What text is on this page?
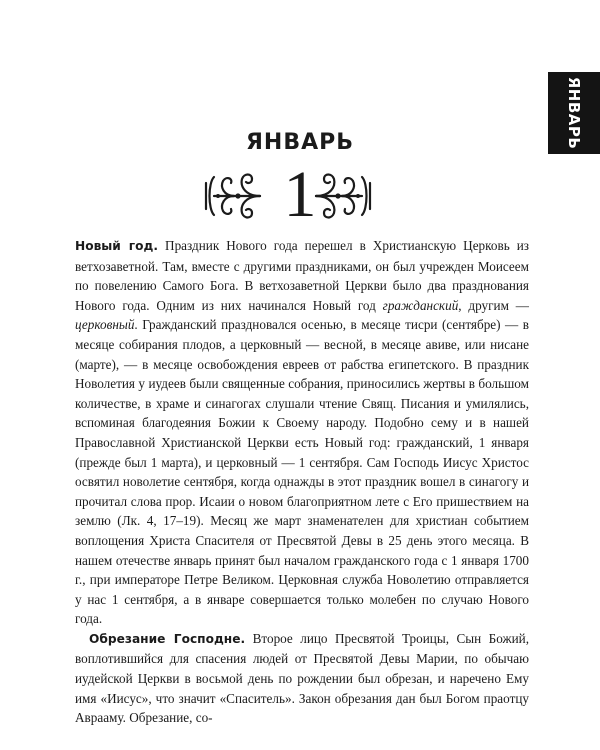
ЯНВАРЬ
ЯНВАРЬ
1

Новый год. Праздник Нового года перешел в Христианскую Церковь из ветхозаветной. Там, вместе с другими праздниками, он был учрежден Моисеем по повелению Самого Бога. В ветхозаветной Церкви было два празднования Нового года. Одним из них начинался Новый год гражданский, другим — церковный. Гражданский праздновался осенью, в месяце тисри (сентябре) — в месяце собирания плодов, а церковный — весной, в месяце авиве, или нисане (марте), — в месяце освобождения евреев от рабства египетского. В праздник Новолетия у иудеев были священные собрания, приносились жертвы в большом количестве, в храме и синагогах слушали чтение Свящ. Писания и умилялись, вспоминая благодеяния Божии к Своему народу. Подобно сему и в нашей Православной Христианской Церкви есть Новый год: гражданский, 1 января (прежде был 1 марта), и церковный — 1 сентября. Сам Господь Иисус Христос освятил новолетие сентября, когда однажды в этот праздник вошел в синагогу и прочитал слова прор. Исаии о новом благоприятном лете с Его пришествием на землю (Лк. 4, 17–19). Месяц же март знаменателен для христиан событием воплощения Христа Спасителя от Пресвятой Девы в 25 день этого месяца. В нашем отечестве январь принят был началом гражданского года с 1 января 1700 г., при императоре Петре Великом. Церковная служба Новолетию отправляется у нас 1 сентября, а в январе совершается только молебен по случаю Нового года.

Обрезание Господне. Второе лицо Пресвятой Троицы, Сын Божий, воплотившийся для спасения людей от Пресвятой Девы Марии, по обычаю иудейской Церкви в восьмой день по рождении был обрезан, и наречено Ему имя «Иисус», что значит «Спаситель». Закон обрезания дан был Богом праотцу Аврааму. Обрезание, со-
